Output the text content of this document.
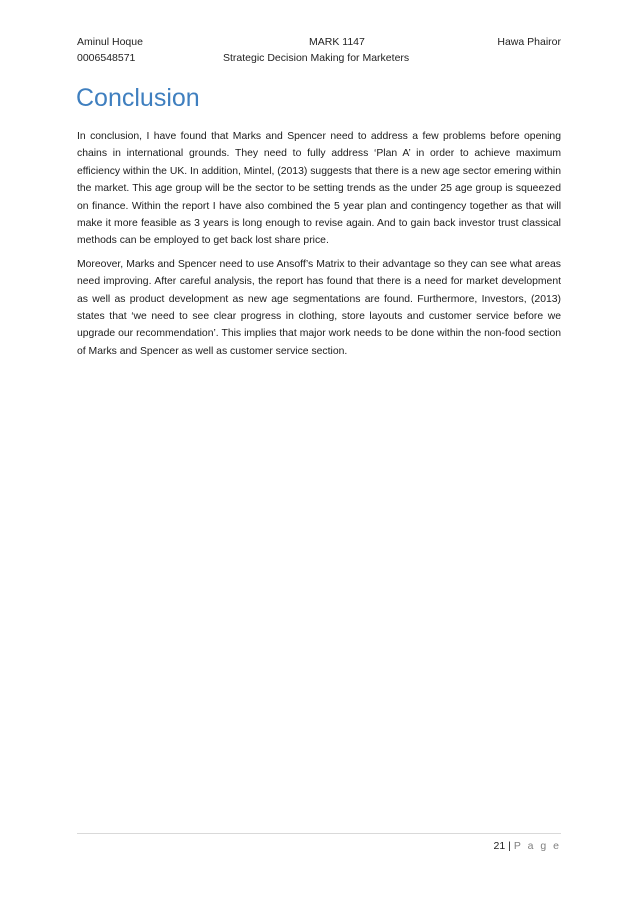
Aminul Hoque
0006548571
MARK 1147
Strategic Decision Making for Marketers
Hawa Phairor
Conclusion

In conclusion, I have found that Marks and Spencer need to address a few problems before opening chains in international grounds. They need to fully address ‘Plan A’ in order to achieve maximum efficiency within the UK. In addition, Mintel, (2013) suggests that there is a new age sector emering within the market. This age group will be the sector to be setting trends as the under 25 age group is squeezed on finance. Within the report I have also combined the 5 year plan and contingency together as that will make it more feasible as 3 years is long enough to revise again. And to gain back investor trust classical methods can be employed to get back lost share price.

Moreover, Marks and Spencer need to use Ansoff’s Matrix to their advantage so they can see what areas need improving. After careful analysis, the report has found that there is a need for market development as well as product development as new age segmentations are found. Furthermore, Investors, (2013) states that ‘we need to see clear progress in clothing, store layouts and customer service before we upgrade our recommendation’. This implies that major work needs to be done within the non-food section of Marks and Spencer as well as customer service section.

21 | P a g e
